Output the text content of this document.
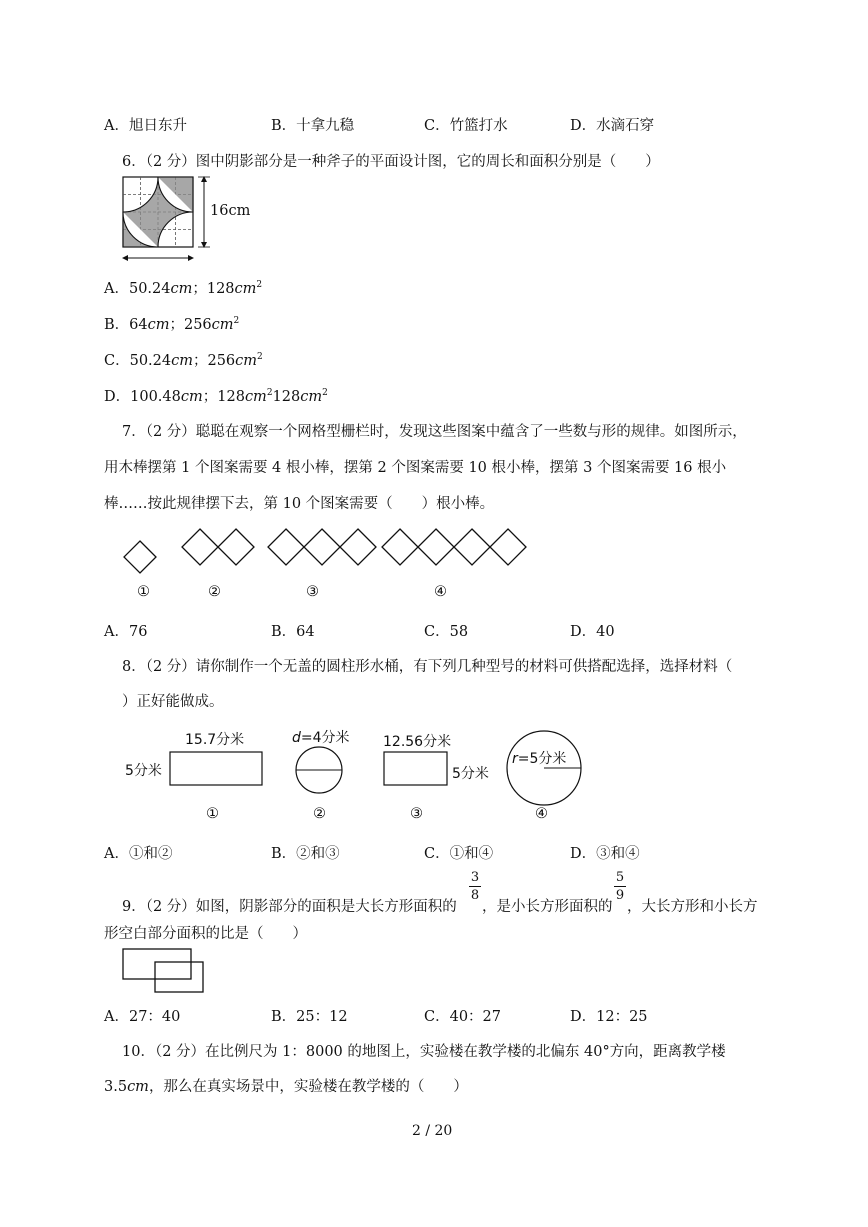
A．旭日东升	B．十拿九稳	C．竹篮打水	D．水滴石穿
6．（2 分）图中阴影部分是一种斧子的平面设计图，它的周长和面积分别是（　　）
16cm
A．50.24cm；$128cm^2$
B．64cm；$256cm^2$
C．50.24cm；$256cm^2$
D．100.48cm；$128cm^2128cm^2$
7．（2 分）聪聪在观察一个网格型栅栏时，发现这些图案中蕴含了一些数与形的规律。如图所示，
用木棒摆第 1 个图案需要 4 根小棒，摆第 2 个图案需要 10 根小棒，摆第 3 个图案需要 16 根小
棒……按此规律摆下去，第 10 个图案需要（　　）根小棒。
①	②	③	④
A．76	B．64	C．58	D．40
8．（2 分）请你制作一个无盖的圆柱形水桶，有下列几种型号的材料可供搭配选择，选择材料（
）正好能做成。
15.7分米
5分米
d=4分米 12.56分米
5分米
r=5分米
①	②	③	④
A．①和②	B．②和③	C．①和④	D．③和④
9．（2 分）如图，阴影部分的面积是大长方形面积的
3
8
，是小长方形面积的
5
9
，大长方形和小长方
形空白部分面积的比是（　　）
A．27：40	B．25：12	C．40：27	D．12：25
10．（2 分）在比例尺为 1：8000 的地图上，实验楼在教学楼的北偏东 40°方向，距离教学楼
3.5cm，那么在真实场景中，实验楼在教学楼的（　　）
2 / 20
